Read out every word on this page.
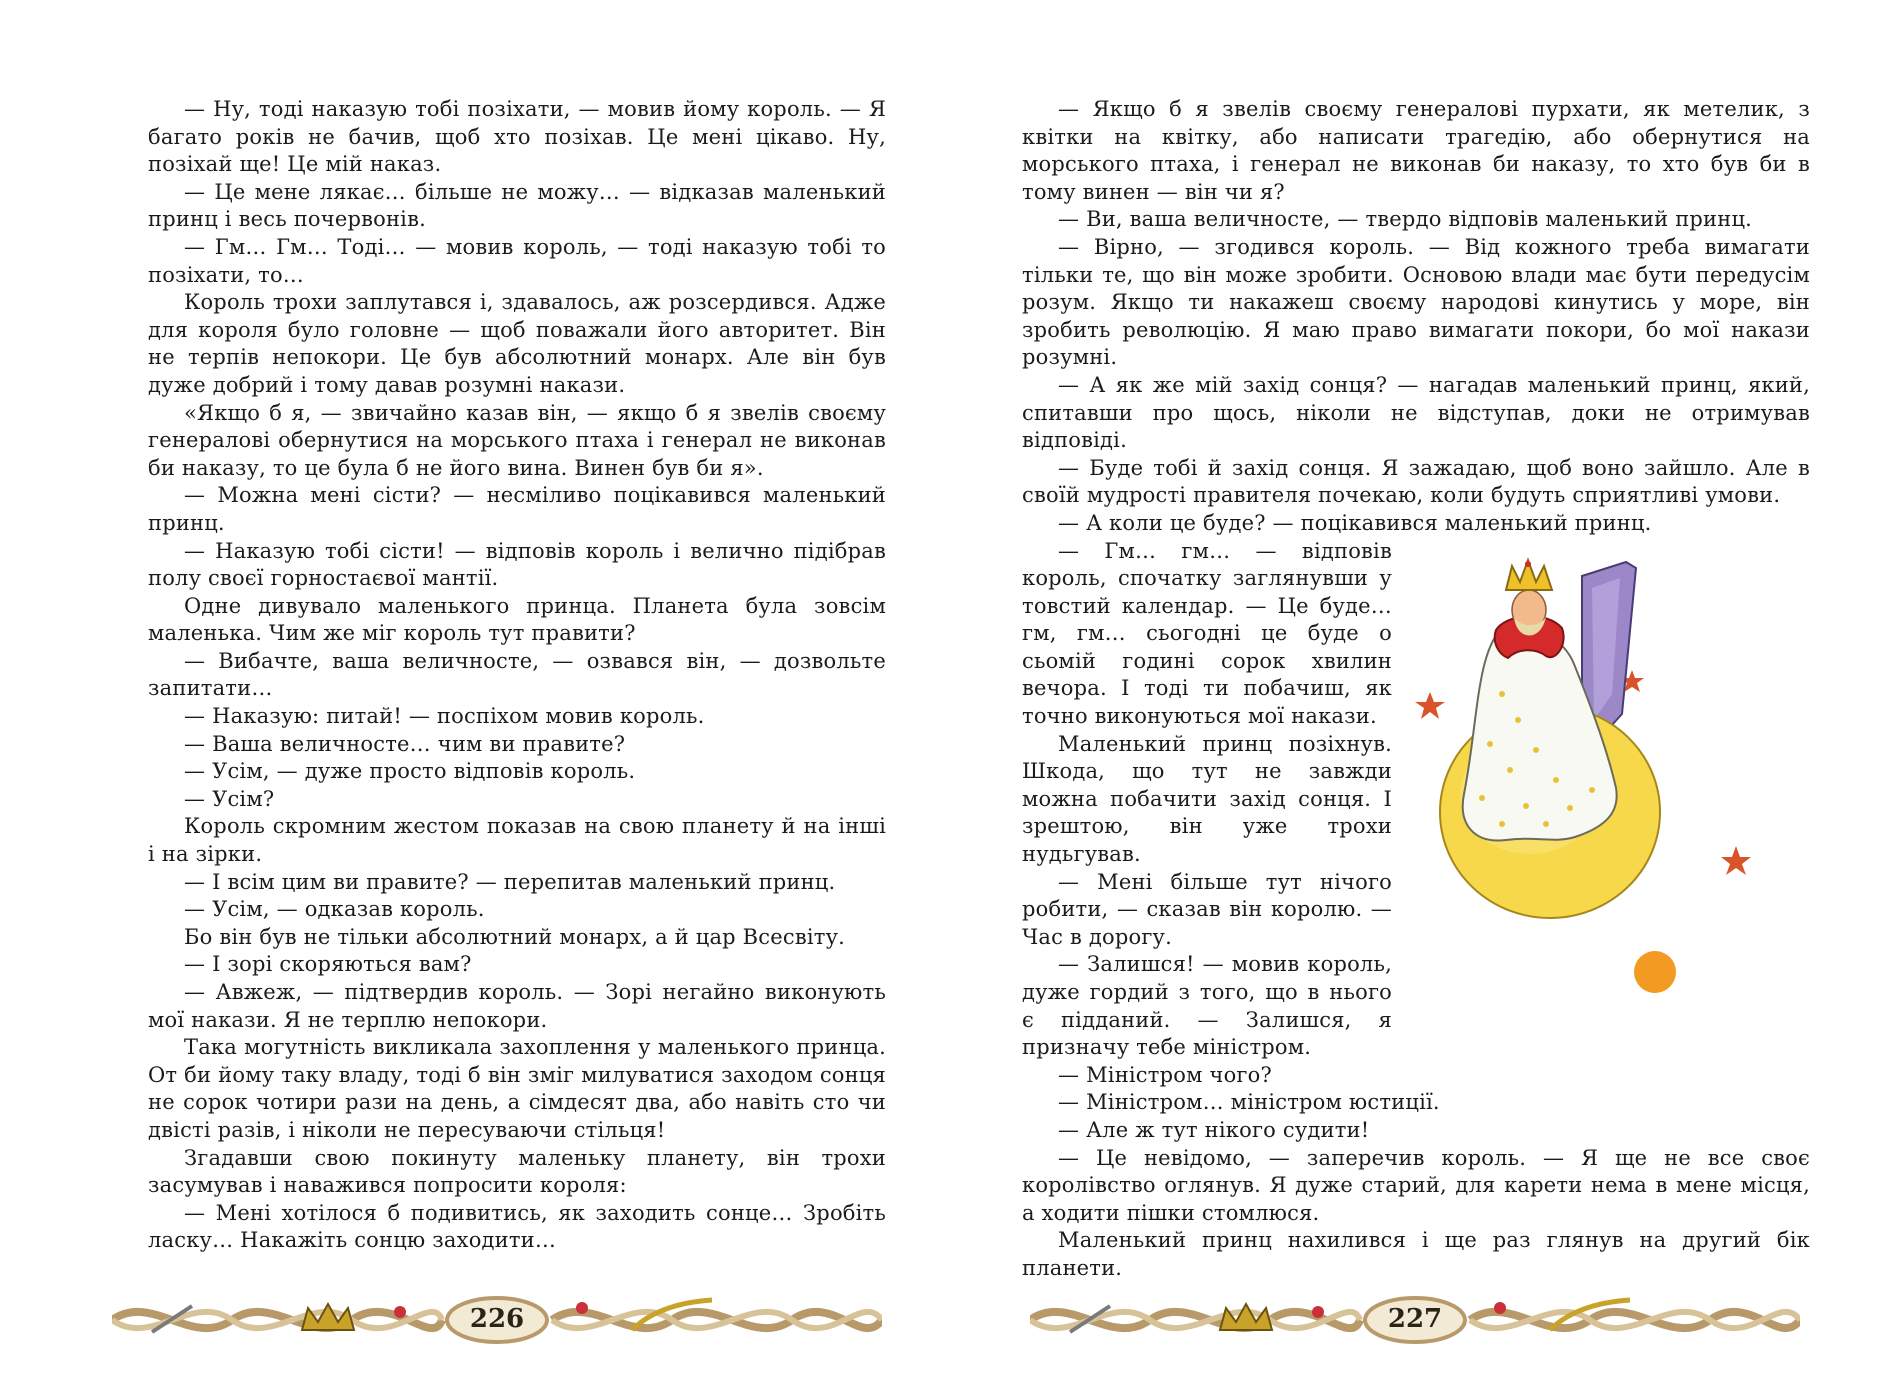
— Ну, тоді наказую тобі позіхати, — мовив йому король. — Я багато років не бачив, щоб хто позіхав. Це мені цікаво. Ну, позіхай ще! Це мій наказ.

— Це мене лякає… більше не можу… — відказав маленький принц і весь почервонів.

— Гм… Гм… Тоді… — мовив король, — тоді наказую тобі то позіхати, то…

Король трохи заплутався і, здавалось, аж розсердився. Адже для короля було головне — щоб поважали його авторитет. Він не терпів непокори. Це був абсолютний монарх. Але він був дуже добрий і тому давав розумні накази.

«Якщо б я, — звичайно казав він, — якщо б я звелів своєму генералові обернутися на морського птаха і генерал не виконав би наказу, то це була б не його вина. Винен був би я».

— Можна мені сісти? — несміливо поцікавився маленький принц.

— Наказую тобі сісти! — відповів король і велично підібрав полу своєї горностаєвої мантії.

Одне дивувало маленького принца. Планета була зовсім маленька. Чим же міг король тут правити?

— Вибачте, ваша величносте, — озвався він, — дозвольте запитати…

— Наказую: питай! — поспіхом мовив король.

— Ваша величносте… чим ви правите?

— Усім, — дуже просто відповів король.

— Усім?

Король скромним жестом показав на свою планету й на інші і на зірки.

— І всім цим ви правите? — перепитав маленький принц.

— Усім, — одказав король.

Бо він був не тільки абсолютний монарх, а й цар Всесвіту.

— І зорі скоряються вам?

— Авжеж, — підтвердив король. — Зорі негайно виконують мої накази. Я не терплю непокори.

Така могутність викликала захоплення у маленького принца. От би йому таку владу, тоді б він зміг милуватися заходом сонця не сорок чотири рази на день, а сімдесят два, або навіть сто чи двісті разів, і ніколи не пересуваючи стільця!

Згадавши свою покинуту маленьку планету, він трохи засумував і наважився попросити короля:

— Мені хотілося б подивитись, як заходить сонце… Зробіть ласку… Накажіть сонцю заходити…

— Якщо б я звелів своєму генералові пурхати, як метелик, з квітки на квітку, або написати трагедію, або обернутися на морського птаха, і генерал не виконав би наказу, то хто був би в тому винен — він чи я?

— Ви, ваша величносте, — твердо відповів маленький принц.

— Вірно, — згодився король. — Від кожного треба вимагати тільки те, що він може зробити. Основою влади має бути передусім розум. Якщо ти накажеш своєму народові кинутись у море, він зробить революцію. Я маю право вимагати покори, бо мої накази розумні.

— А як же мій захід сонця? — нагадав маленький принц, який, спитавши про щось, ніколи не відступав, доки не отримував відповіді.

— Буде тобі й захід сонця. Я зажадаю, щоб воно зайшло. Але в своїй мудрості правителя почекаю, коли будуть сприятливі умови.

— А коли це буде? — поцікавився маленький принц.

— Гм… гм… — відповів король, спочатку заглянувши у товстий календар. — Це буде… гм, гм… сьогодні це буде о сьомій годині сорок хвилин вечора. І тоді ти побачиш, як точно виконуються мої накази.

Маленький принц позіхнув. Шкода, що тут не завжди можна побачити захід сонця. І зрештою, він уже трохи нудьгував.

— Мені більше тут нічого робити, — сказав він королю. — Час в дорогу.

— Залишся! — мовив король, дуже гордий з того, що в нього є підданий. — Залишся, я призначу тебе міністром.

— Міністром чого?

— Міністром… міністром юстиції.

— Але ж тут нікого судити!

— Це невідомо, — заперечив король. — Я ще не все своє королівство оглянув. Я дуже старий, для карети нема в мене місця, а ходити пішки стомлюся.

Маленький принц нахилився і ще раз глянув на другий бік планети.

226	227
